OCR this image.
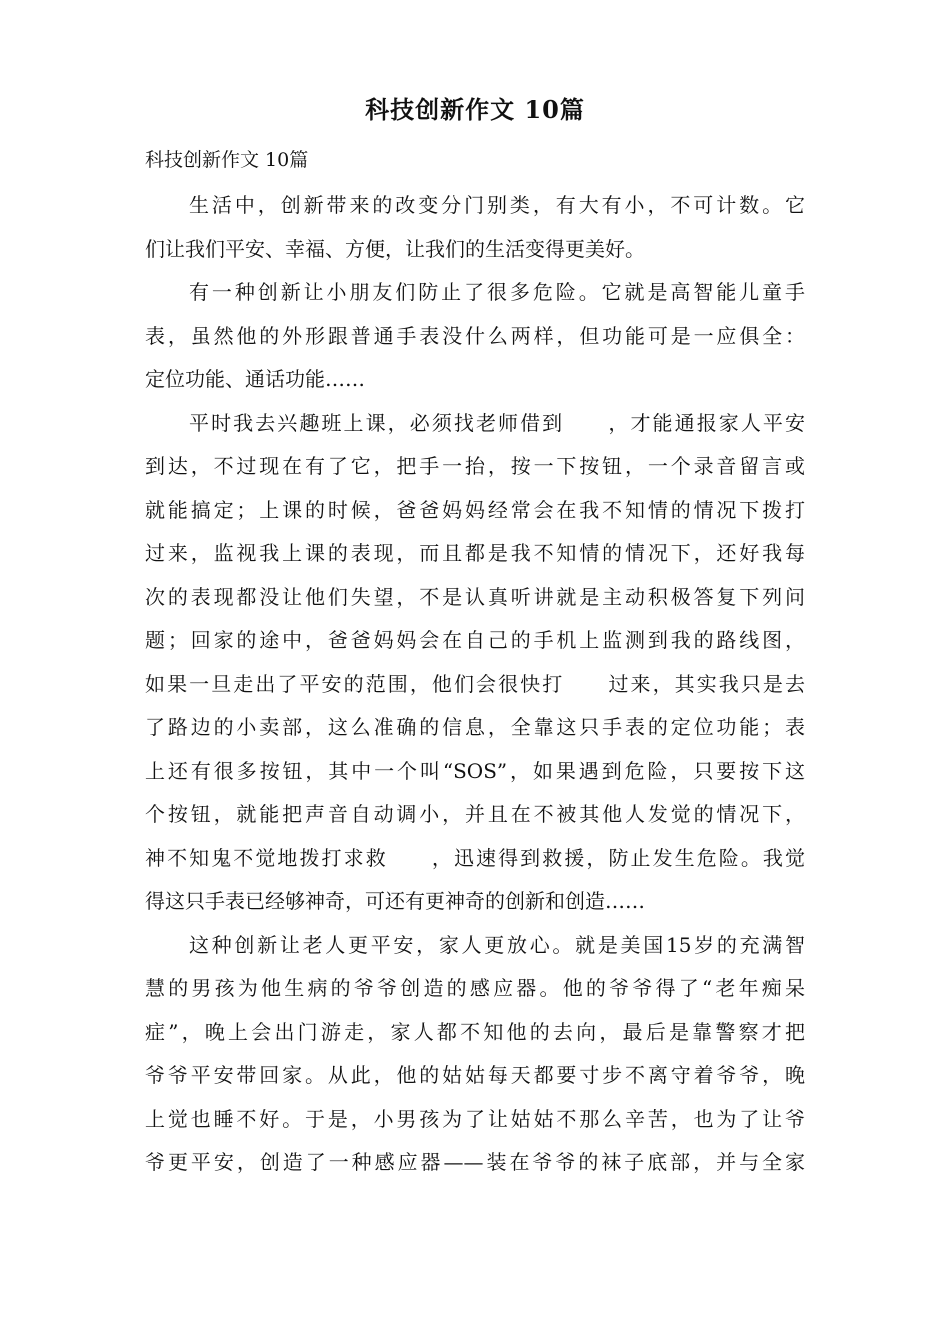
科技创新作文 10篇
科技创新作文 10篇
生活中，创新带来的改变分门别类，有大有小，不可计数。它
们让我们平安、幸福、方便，让我们的生活变得更美好。
有一种创新让小朋友们防止了很多危险。它就是高智能儿童手
表，虽然他的外形跟普通手表没什么两样，但功能可是一应俱全：
定位功能、通话功能……
平时我去兴趣班上课，必须找老师借到　　，才能通报家人平安
到达，不过现在有了它，把手一抬，按一下按钮，一个录音留言或
就能搞定；上课的时候，爸爸妈妈经常会在我不知情的情况下拨打
过来，监视我上课的表现，而且都是我不知情的情况下，还好我每
次的表现都没让他们失望，不是认真听讲就是主动积极答复下列问
题；回家的途中，爸爸妈妈会在自己的手机上监测到我的路线图，
如果一旦走出了平安的范围，他们会很快打　　过来，其实我只是去
了路边的小卖部，这么准确的信息，全靠这只手表的定位功能；表
上还有很多按钮，其中一个叫“SOS”，如果遇到危险，只要按下这
个按钮，就能把声音自动调小，并且在不被其他人发觉的情况下，
神不知鬼不觉地拨打求救　　，迅速得到救援，防止发生危险。我觉
得这只手表已经够神奇，可还有更神奇的创新和创造……
这种创新让老人更平安，家人更放心。就是美国15岁的充满智
慧的男孩为他生病的爷爷创造的感应器。他的爷爷得了“老年痴呆
症”，晚上会出门游走，家人都不知他的去向，最后是靠警察才把
爷爷平安带回家。从此，他的姑姑每天都要寸步不离守着爷爷，晚
上觉也睡不好。于是，小男孩为了让姑姑不那么辛苦，也为了让爷
爷更平安，创造了一种感应器——装在爷爷的袜子底部，并与全家
